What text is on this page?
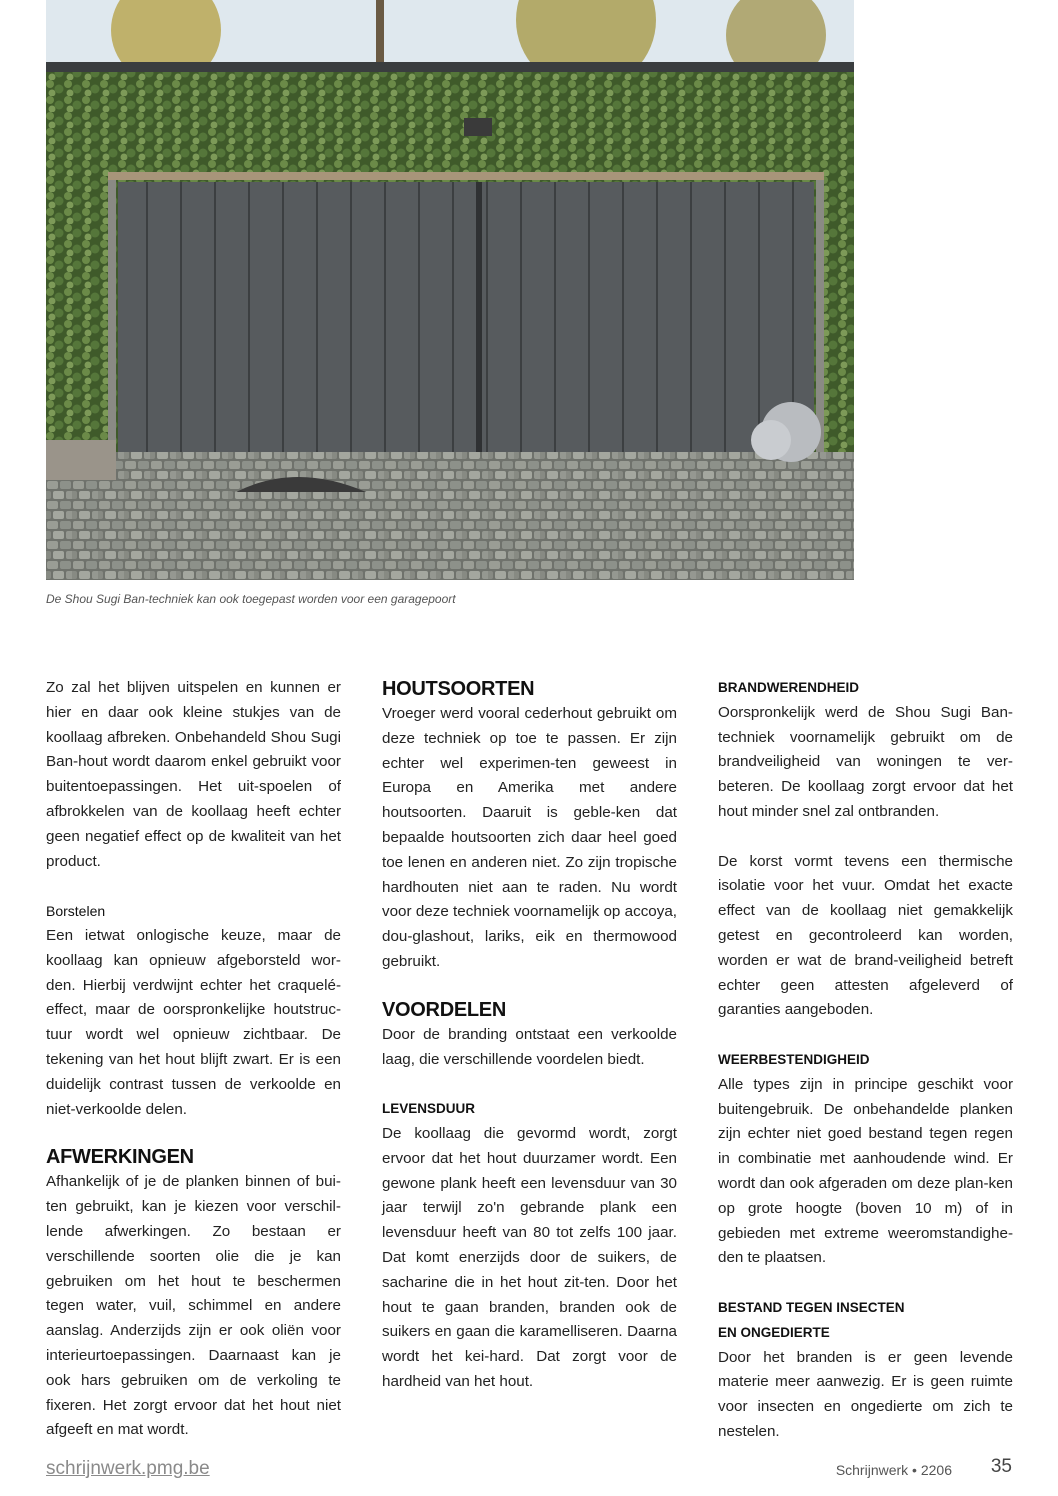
De Shou Sugi Ban-techniek kan ook toegepast worden voor een garagepoort

Zo zal het blijven uitspelen en kunnen er hier en daar ook kleine stukjes van de koollaag afbreken. Onbehandeld Shou Sugi Ban-hout wordt daarom enkel gebruikt voor buitentoepassingen. Het uit-spoelen of afbrokkelen van de koollaag heeft echter geen negatief effect op de kwaliteit van het product.

Borstelen

Een ietwat onlogische keuze, maar de koollaag kan opnieuw afgeborsteld wor-den. Hierbij verdwijnt echter het craquelé-effect, maar de oorspronkelijke houtstruc-tuur wordt wel opnieuw zichtbaar. De tekening van het hout blijft zwart. Er is een duidelijk contrast tussen de verkoolde en niet-verkoolde delen.

AFWERKINGEN

Afhankelijk of je de planken binnen of bui-ten gebruikt, kan je kiezen voor verschil-lende afwerkingen. Zo bestaan er verschillende soorten olie die je kan gebruiken om het hout te beschermen tegen water, vuil, schimmel en andere aanslag. Anderzijds zijn er ook oliën voor interieurtoepassingen. Daarnaast kan je ook hars gebruiken om de verkoling te fixeren. Het zorgt ervoor dat het hout niet afgeeft en mat wordt.

HOUTSOORTEN

Vroeger werd vooral cederhout gebruikt om deze techniek op toe te passen. Er zijn echter wel experimen-ten geweest in Europa en Amerika met andere houtsoorten. Daaruit is geble-ken dat bepaalde houtsoorten zich daar heel goed toe lenen en anderen niet. Zo zijn tropische hardhouten niet aan te raden. Nu wordt voor deze techniek voornamelijk op accoya, dou-glashout, lariks, eik en thermowood gebruikt.

VOORDELEN

Door de branding ontstaat een verkoolde laag, die verschillende voordelen biedt.

LEVENSDUUR

De koollaag die gevormd wordt, zorgt ervoor dat het hout duurzamer wordt. Een gewone plank heeft een levensduur van 30 jaar terwijl zo'n gebrande plank een levensduur heeft van 80 tot zelfs 100 jaar. Dat komt enerzijds door de suikers, de sacharine die in het hout zit-ten. Door het hout te gaan branden, branden ook de suikers en gaan die karamelliseren. Daarna wordt het kei-hard. Dat zorgt voor de hardheid van het hout.

BRANDWERENDHEID

Oorspronkelijk werd de Shou Sugi Ban-techniek voornamelijk gebruikt om de brandveiligheid van woningen te ver-beteren. De koollaag zorgt ervoor dat het hout minder snel zal ontbranden.

De korst vormt tevens een thermische isolatie voor het vuur. Omdat het exacte effect van de koollaag niet gemakkelijk getest en gecontroleerd kan worden, worden er wat de brand-veiligheid betreft echter geen attesten afgeleverd of garanties aangeboden.

WEERBESTENDIGHEID

Alle types zijn in principe geschikt voor buitengebruik. De onbehandelde planken zijn echter niet goed bestand tegen regen in combinatie met aanhoudende wind. Er wordt dan ook afgeraden om deze plan-ken op grote hoogte (boven 10 m) of in gebieden met extreme weeromstandighe-den te plaatsen.

BESTAND TEGEN INSECTEN
EN ONGEDIERTE

Door het branden is er geen levende materie meer aanwezig. Er is geen ruimte voor insecten en ongedierte om zich te nestelen.

schrijnwerk.pmg.be	Schrijnwerk • 2206 35
